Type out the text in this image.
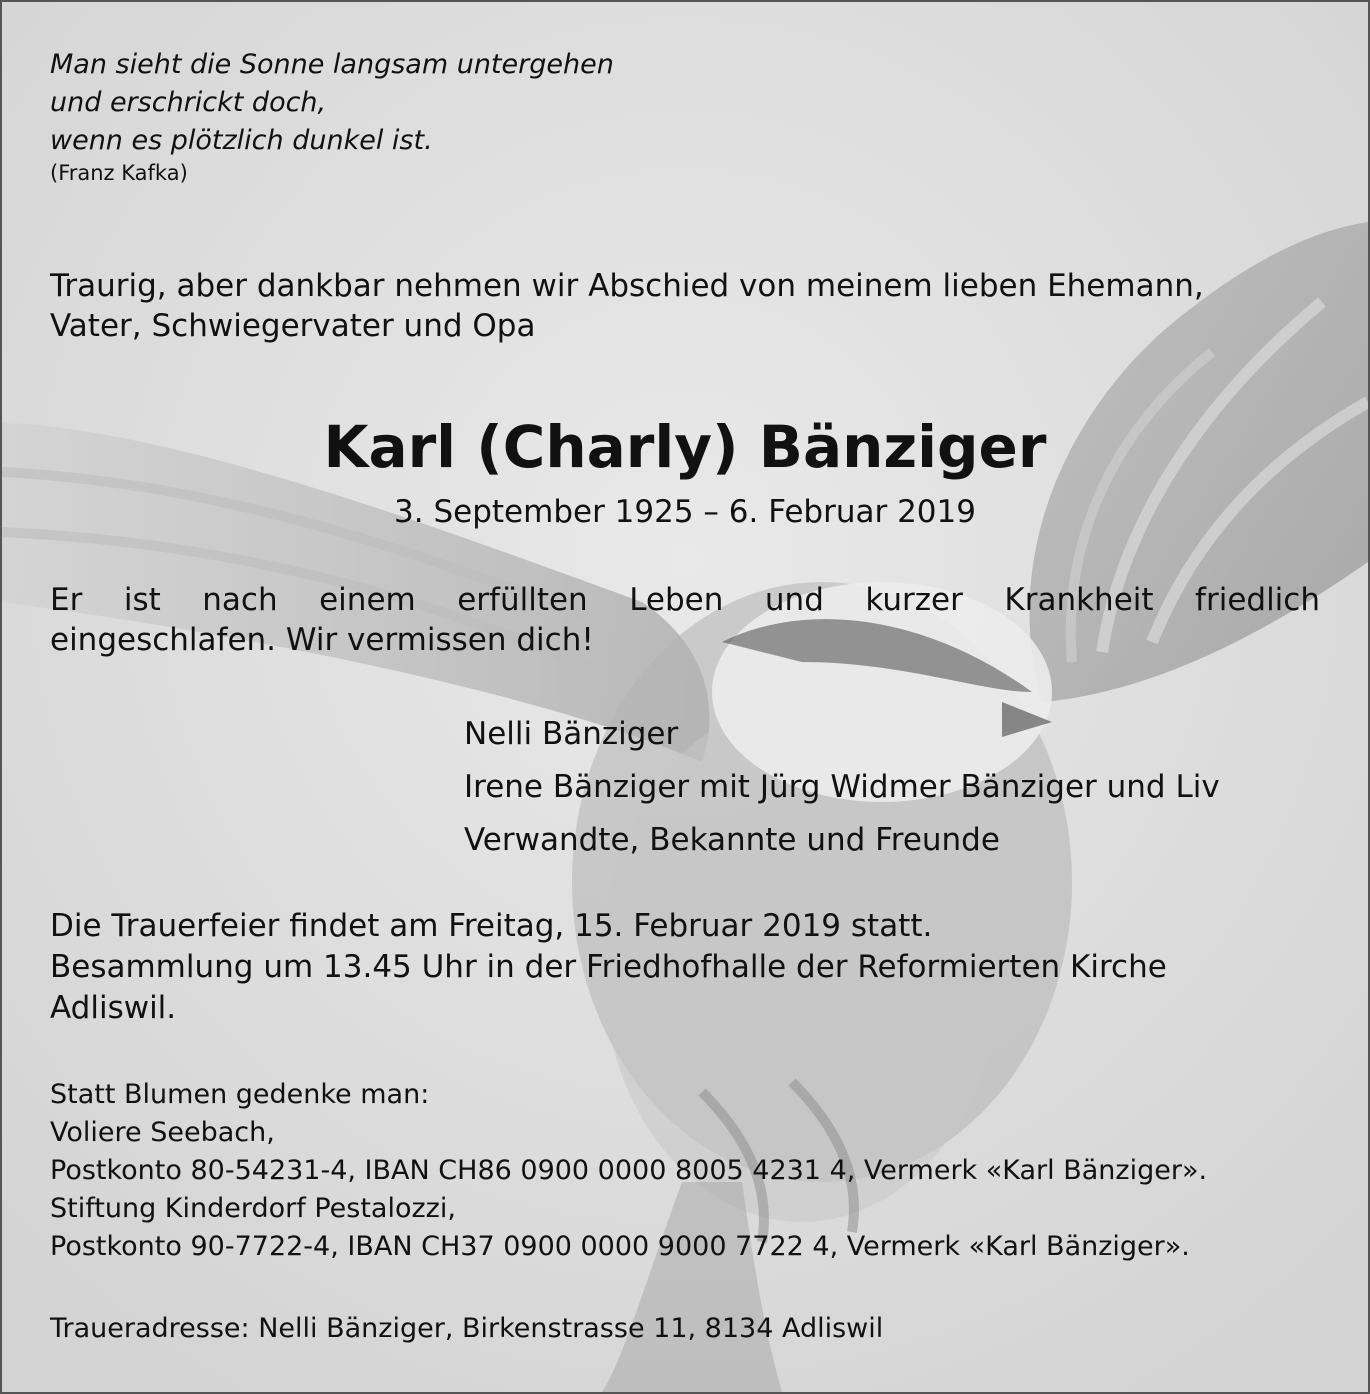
Man sieht die Sonne langsam untergehen
und erschrickt doch,
wenn es plötzlich dunkel ist.
(Franz Kafka)
Traurig, aber dankbar nehmen wir Abschied von meinem lieben Ehemann,
Vater, Schwiegervater und Opa
Karl (Charly) Bänziger
3. September 1925 – 6. Februar 2019
Er ist nach einem erfüllten Leben und kurzer Krankheit friedlich
eingeschlafen. Wir vermissen dich!
Nelli Bänziger
Irene Bänziger mit Jürg Widmer Bänziger und Liv
Verwandte, Bekannte und Freunde
Die Trauerfeier findet am Freitag, 15. Februar 2019 statt.
Besammlung um 13.45 Uhr in der Friedhofhalle der Reformierten Kirche
Adliswil.
Statt Blumen gedenke man:
Voliere Seebach,
Postkonto 80-54231-4, IBAN CH86 0900 0000 8005 4231 4, Vermerk «Karl Bänziger».
Stiftung Kinderdorf Pestalozzi,
Postkonto 90-7722-4, IBAN CH37 0900 0000 9000 7722 4, Vermerk «Karl Bänziger».
Traueradresse: Nelli Bänziger, Birkenstrasse 11, 8134 Adliswil
